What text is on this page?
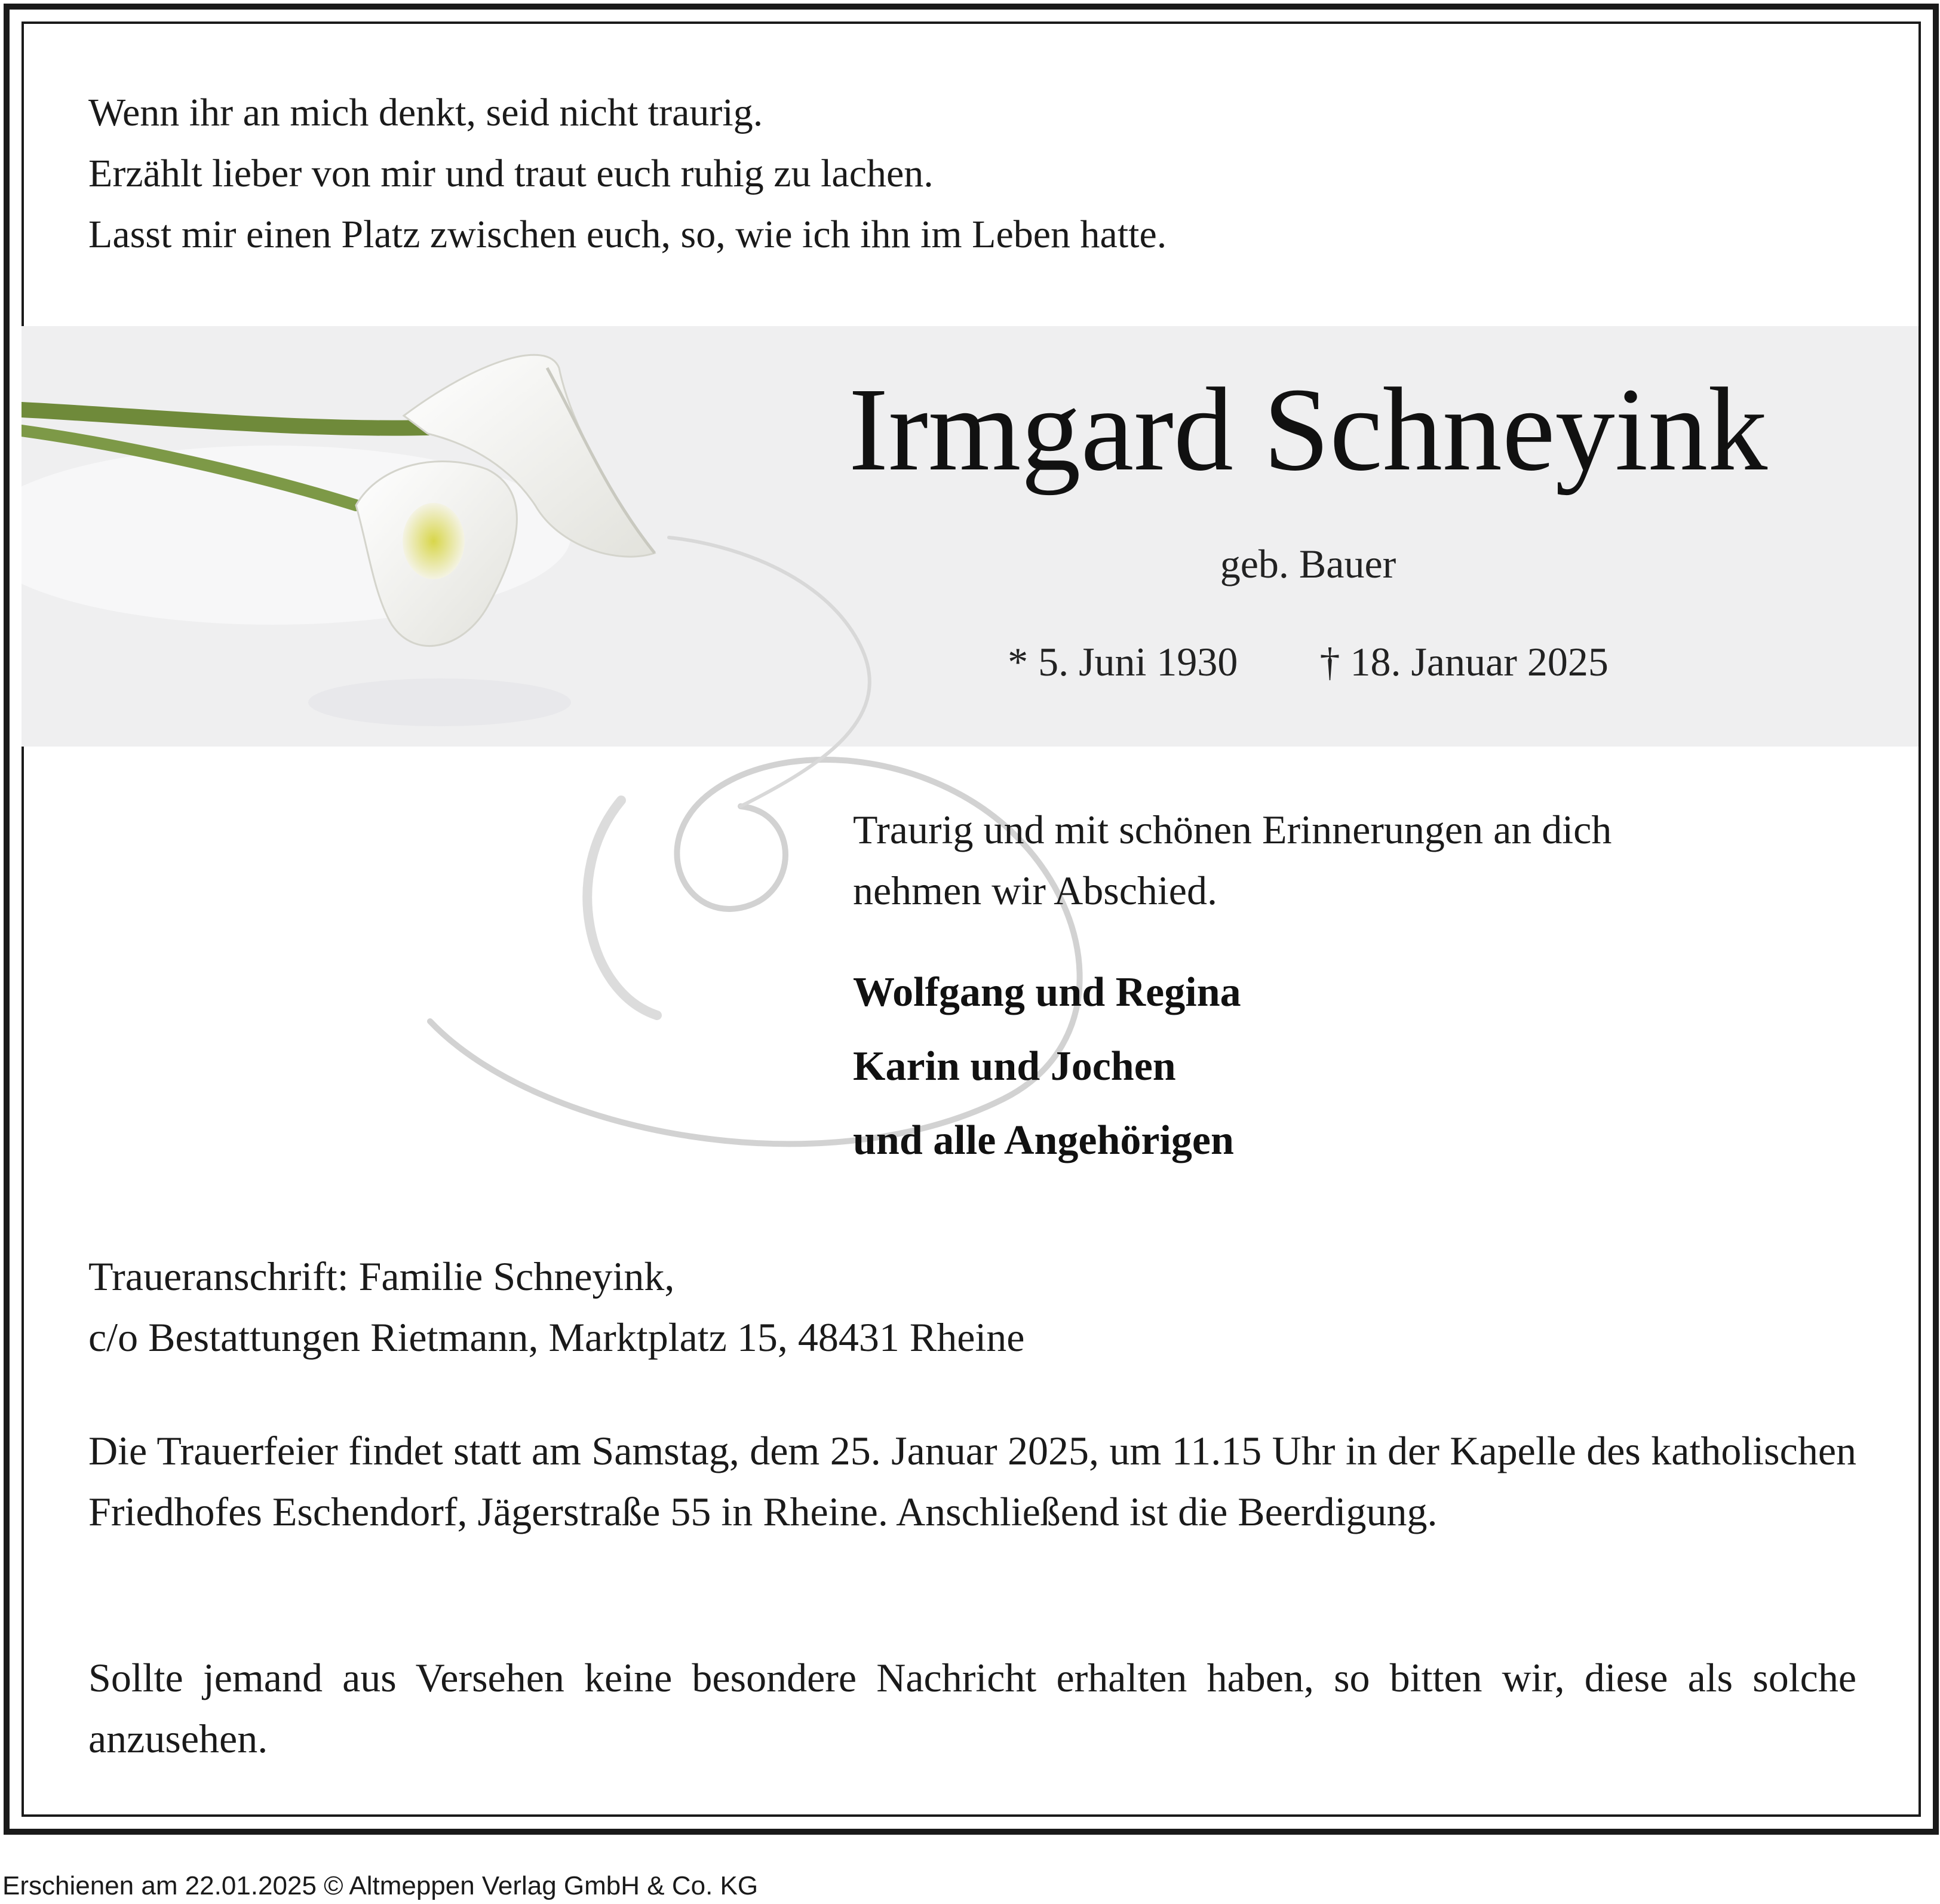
Wenn ihr an mich denkt, seid nicht traurig.
Erzählt lieber von mir und traut euch ruhig zu lachen.
Lasst mir einen Platz zwischen euch, so, wie ich ihn im Leben hatte.
Irmgard Schneyink
geb. Bauer
* 5. Juni 1930 † 18. Januar 2025
Traurig und mit schönen Erinnerungen an dich
nehmen wir Abschied.
Wolfgang und Regina
Karin und Jochen
und alle Angehörigen
Traueranschrift: Familie Schneyink,
c/o Bestattungen Rietmann, Marktplatz 15, 48431 Rheine
Die Trauerfeier findet statt am Samstag, dem 25. Januar 2025, um 11.15 Uhr in der Kapelle des katholischen Friedhofes Eschendorf, Jägerstraße 55 in Rheine. Anschließend ist die Beerdigung.
Sollte jemand aus Versehen keine besondere Nachricht erhalten haben, so bitten wir, diese als solche anzusehen.
Erschienen am 22.01.2025 © Altmeppen Verlag GmbH & Co. KG
